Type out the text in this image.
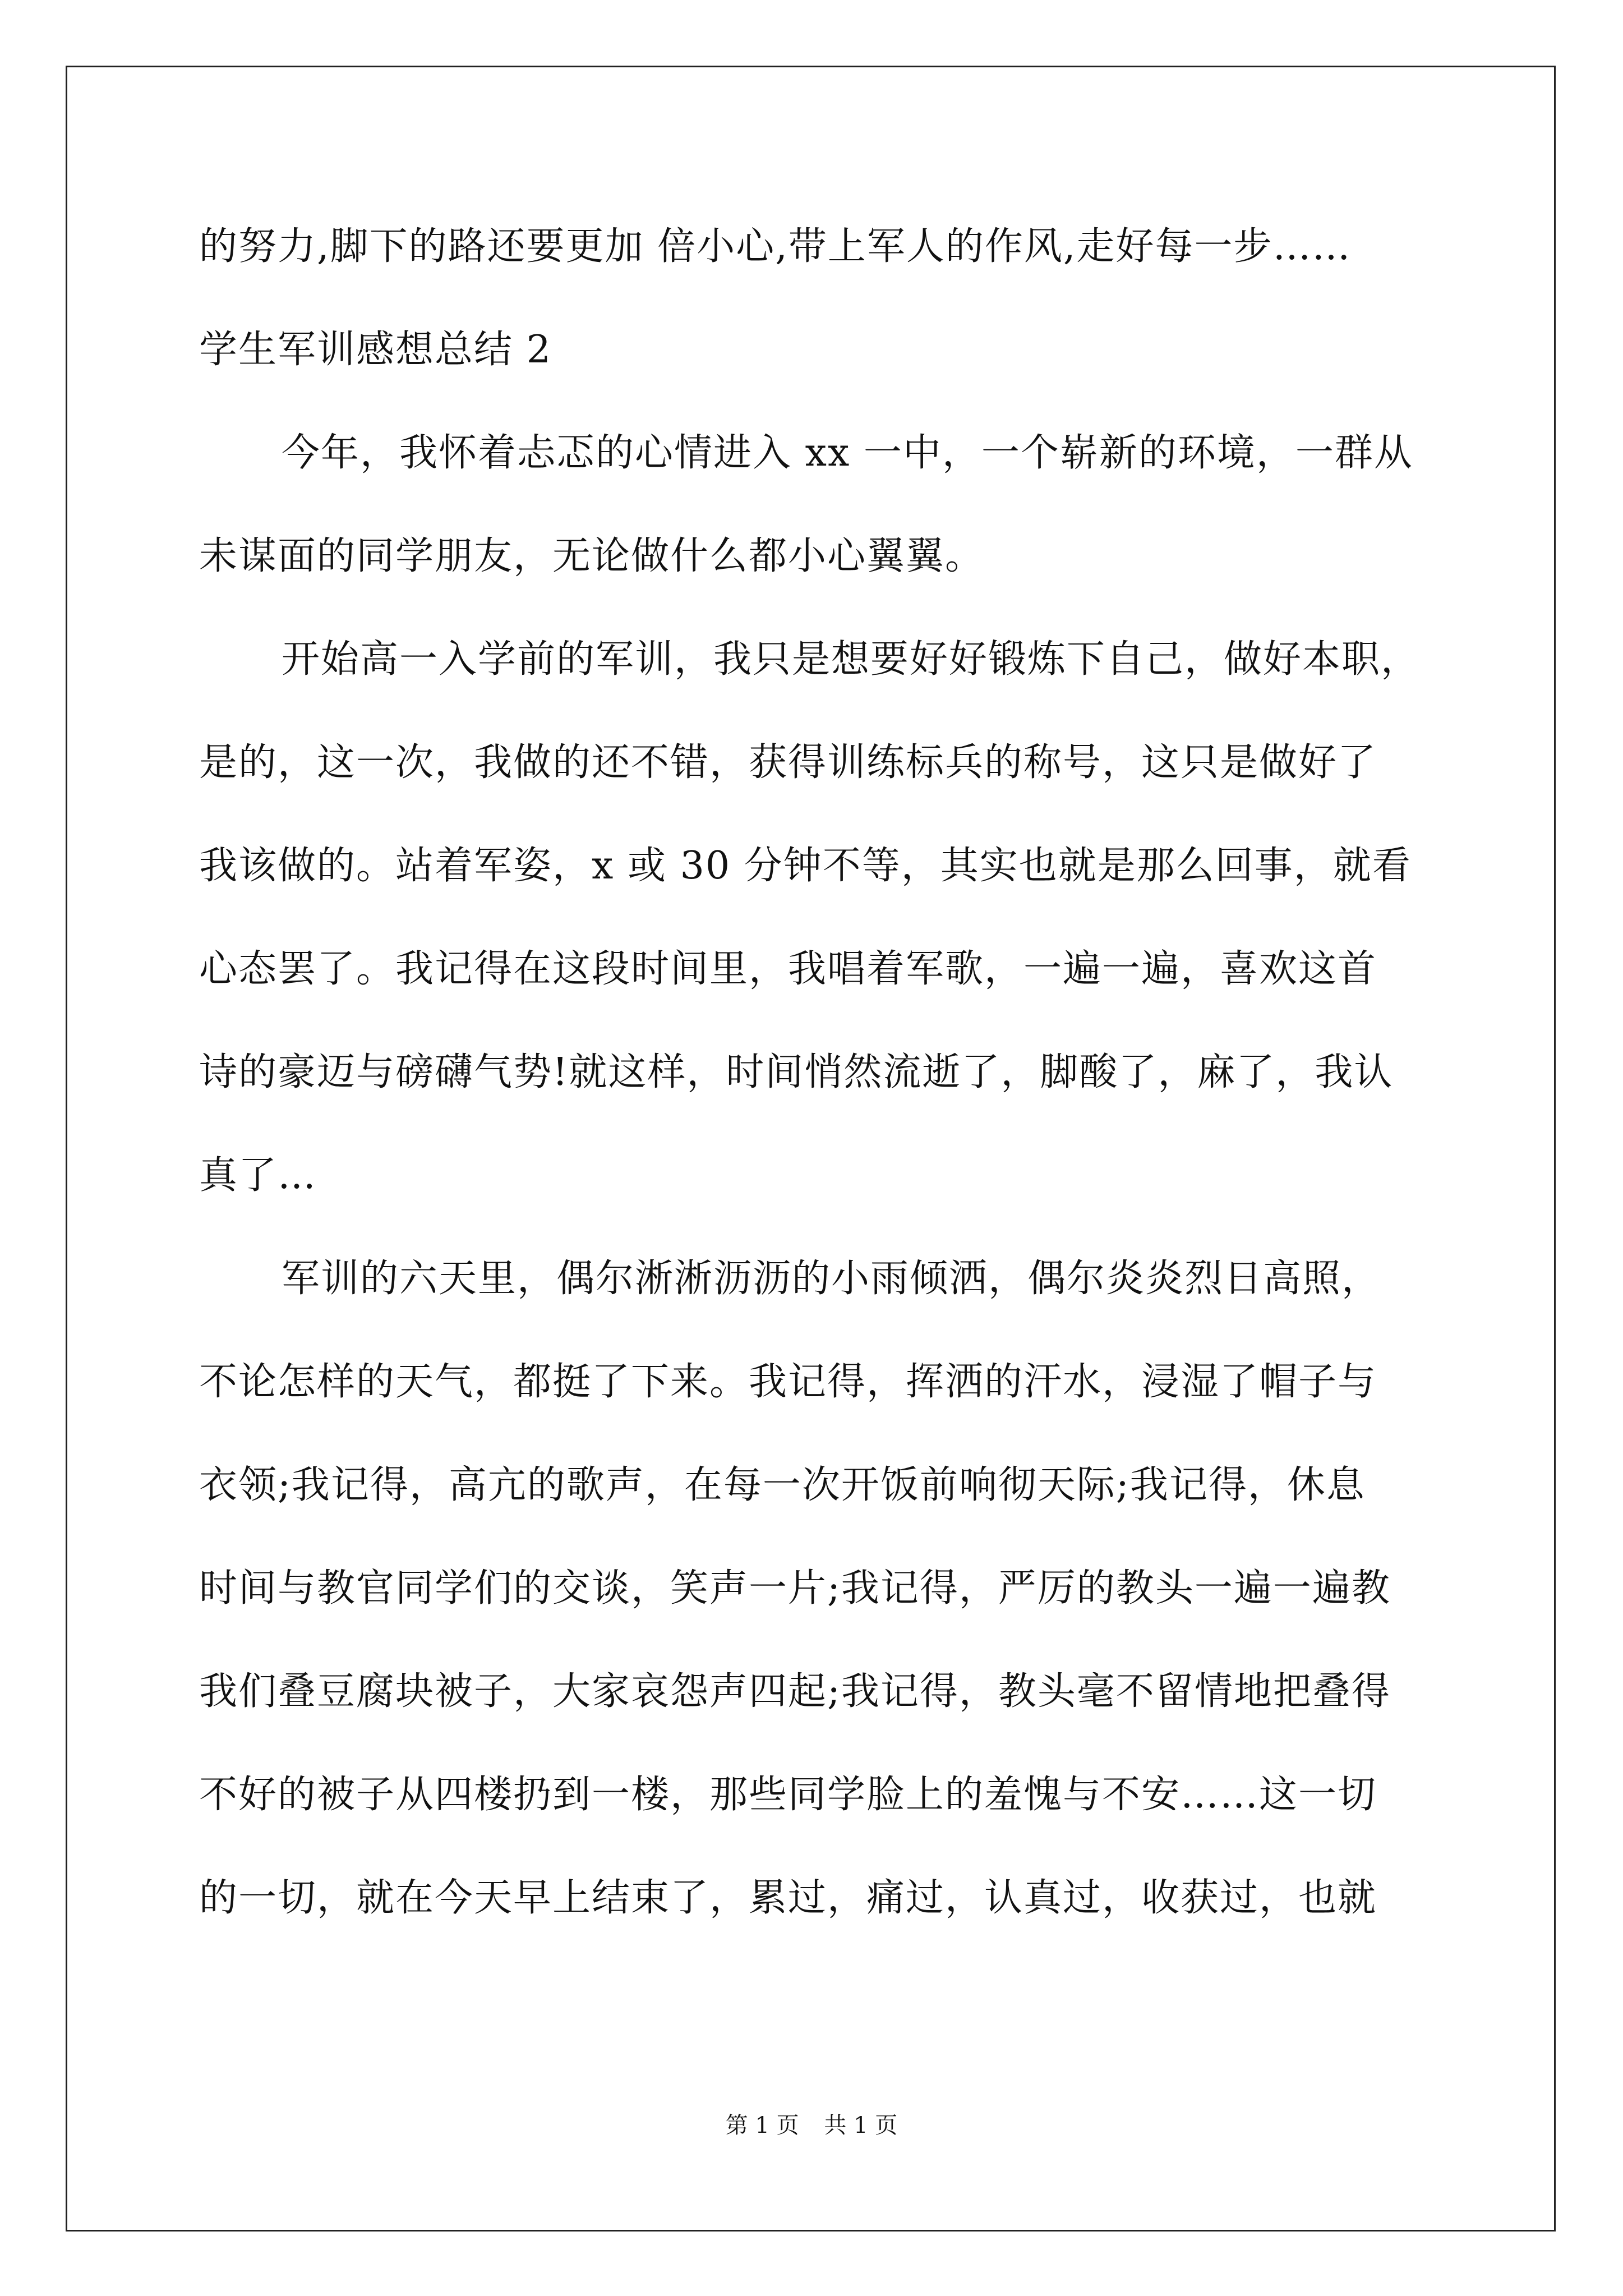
的努力,脚下的路还要更加 倍小心,带上军人的作风,走好每一步……
学生军训感想总结 2
今年，我怀着忐忑的心情进入 xx 一中，一个崭新的环境，一群从
未谋面的同学朋友，无论做什么都小心翼翼。
开始高一入学前的军训，我只是想要好好锻炼下自己，做好本职，
是的，这一次，我做的还不错，获得训练标兵的称号，这只是做好了
我该做的。站着军姿，x 或 30 分钟不等，其实也就是那么回事，就看
心态罢了。我记得在这段时间里，我唱着军歌，一遍一遍，喜欢这首
诗的豪迈与磅礴气势!就这样，时间悄然流逝了，脚酸了，麻了，我认
真了…
军训的六天里，偶尔淅淅沥沥的小雨倾洒，偶尔炎炎烈日高照，
不论怎样的天气，都挺了下来。我记得，挥洒的汗水，浸湿了帽子与
衣领;我记得，高亢的歌声，在每一次开饭前响彻天际;我记得，休息
时间与教官同学们的交谈，笑声一片;我记得，严厉的教头一遍一遍教
我们叠豆腐块被子，大家哀怨声四起;我记得，教头毫不留情地把叠得
不好的被子从四楼扔到一楼，那些同学脸上的羞愧与不安……这一切
的一切，就在今天早上结束了，累过，痛过，认真过，收获过，也就
第 1 页 共 1 页
